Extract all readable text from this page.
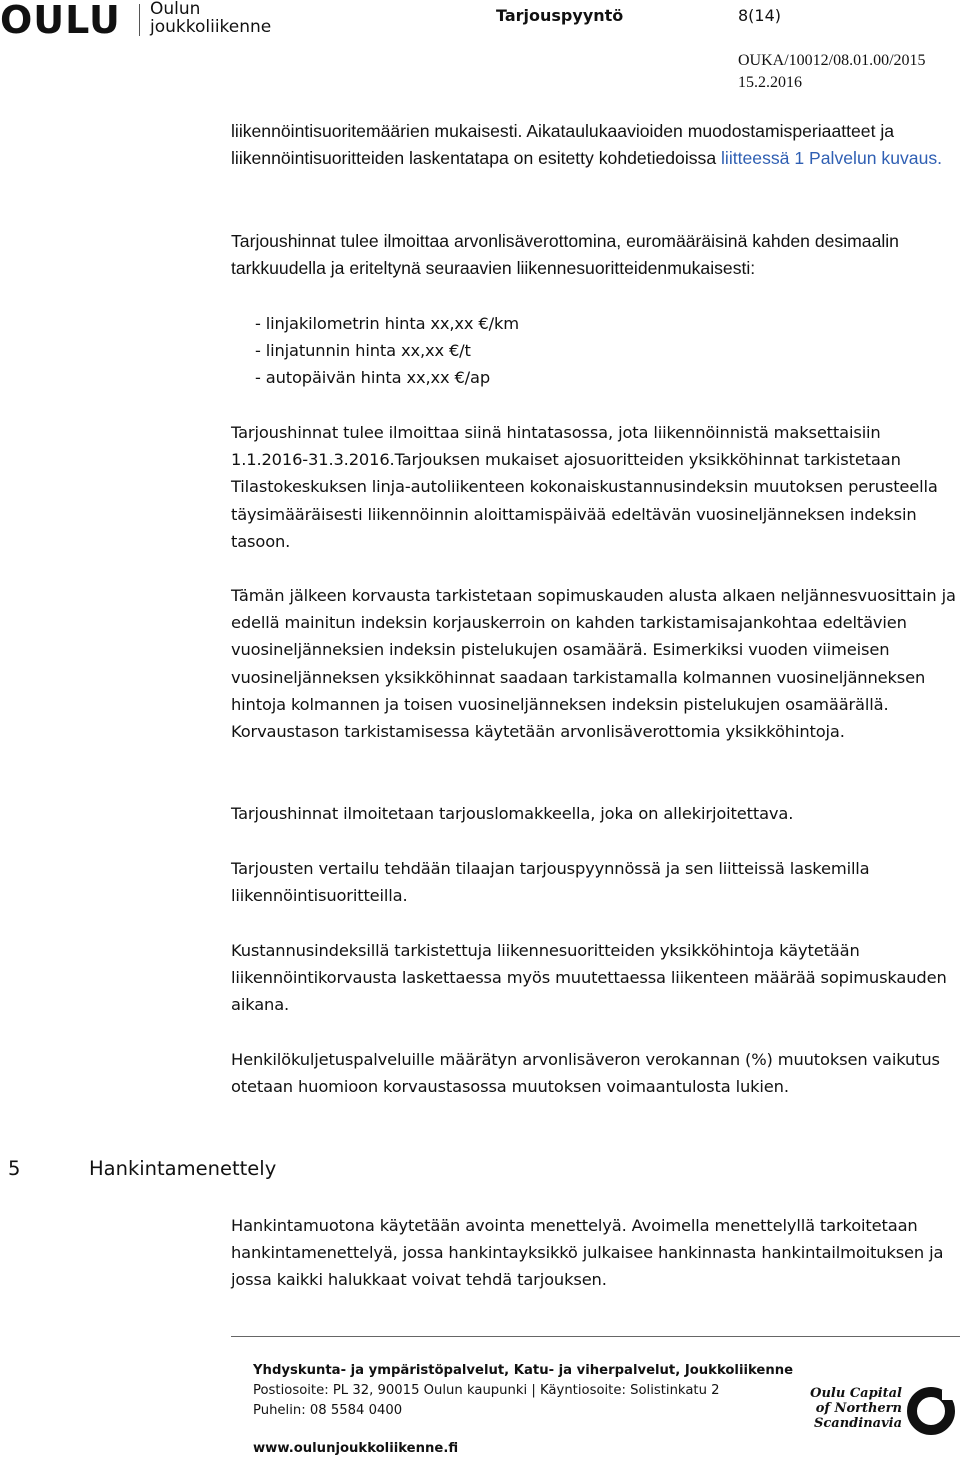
OULU Oulun
joukkoliikenne
Tarjouspyyntö	8(14)
OUKA/10012/08.01.00/2015
15.2.2016
liikennöintisuoritemäärien mukaisesti. Aikataulukaavioiden muodostamisperiaatteet ja liikennöintisuoritteiden laskentatapa on esitetty kohdetiedoissa liitteessä 1 Palvelun kuvaus.
Tarjoushinnat tulee ilmoittaa arvonlisäverottomina, euromääräisinä kahden desimaalin tarkkuudella ja eriteltynä seuraavien liikennesuoritteidenmukaisesti:
- linjakilometrin hinta xx,xx €/km
- linjatunnin hinta xx,xx €/t
- autopäivän hinta xx,xx €/ap
Tarjoushinnat tulee ilmoittaa siinä hintatasossa, jota liikennöinnistä maksettaisiin 1.1.2016-31.3.2016.Tarjouksen mukaiset ajosuoritteiden yksikköhinnat tarkistetaan Tilastokeskuksen linja-autoliikenteen kokonaiskustannusindeksin muutoksen perusteella täysimääräisesti liikennöinnin aloittamispäivää edeltävän vuosineljänneksen indeksin tasoon.
Tämän jälkeen korvausta tarkistetaan sopimuskauden alusta alkaen neljännesvuosittain ja edellä mainitun indeksin korjauskerroin on kahden tarkistamisajankohtaa edeltävien vuosineljänneksien indeksin pistelukujen osamäärä. Esimerkiksi vuoden viimeisen vuosineljänneksen yksikköhinnat saadaan tarkistamalla kolmannen vuosineljänneksen hintoja kolmannen ja toisen vuosineljänneksen indeksin pistelukujen osamäärällä. Korvaustason tarkistamisessa käytetään arvonlisäverottomia yksikköhintoja.
Tarjoushinnat ilmoitetaan tarjouslomakkeella, joka on allekirjoitettava.
Tarjousten vertailu tehdään tilaajan tarjouspyynnössä ja sen liitteissä laskemilla liikennöintisuoritteilla.
Kustannusindeksillä tarkistettuja liikennesuoritteiden yksikköhintoja käytetään liikennöintikorvausta laskettaessa myös muutettaessa liikenteen määrää sopimuskauden aikana.
Henkilökuljetuspalveluille määrätyn arvonlisäveron verokannan (%) muutoksen vaikutus otetaan huomioon korvaustasossa muutoksen voimaantulosta lukien.
5	Hankintamenettely
Hankintamuotona käytetään avointa menettelyä. Avoimella menettelyllä tarkoitetaan hankintamenettelyä, jossa hankintayksikkö julkaisee hankinnasta hankintailmoituksen ja jossa kaikki halukkaat voivat tehdä tarjouksen.
Yhdyskunta- ja ympäristöpalvelut, Katu- ja viherpalvelut, Joukkoliikenne
Postiosoite: PL 32, 90015 Oulun kaupunki | Käyntiosoite: Solistinkatu 2
Puhelin: 08 5584 0400
www.oulunjoukkoliikenne.fi
Oulu Capital
of Northern
Scandinavia
